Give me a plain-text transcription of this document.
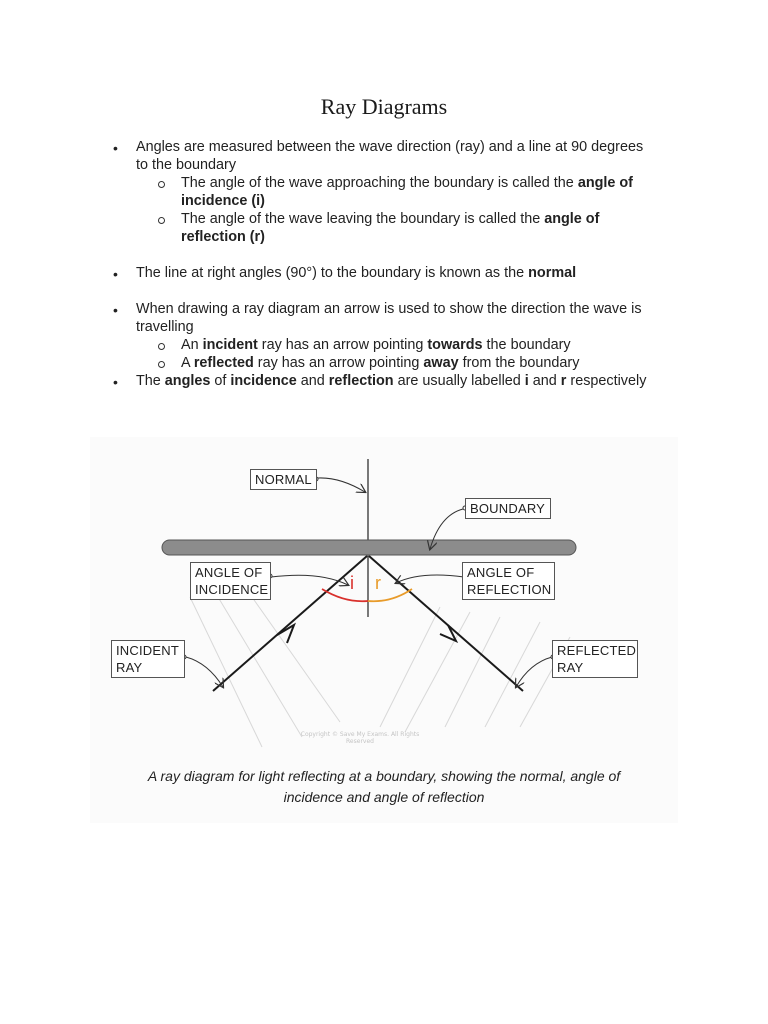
Ray Diagrams
• Angles are measured between the wave direction (ray) and a line at 90 degrees
to the boundary
The angle of the wave approaching the boundary is called the angle of
incidence (i)
The angle of the wave leaving the boundary is called the angle of
reflection (r)
• The line at right angles (90°) to the boundary is known as the normal
• When drawing a ray diagram an arrow is used to show the direction the wave is
travelling
An incident ray has an arrow pointing towards the boundary
A reflected ray has an arrow pointing away from the boundary
• The angles of incidence and reflection are usually labelled i and r respectively
i r
NORMAL
BOUNDARY
ANGLE OF
INCIDENCE
ANGLE OF
REFLECTION
INCIDENT
RAY
REFLECTED
RAY
Copyright © Save My Exams. All Rights Reserved
A ray diagram for light reflecting at a boundary, showing the normal, angle of
incidence and angle of reflection
